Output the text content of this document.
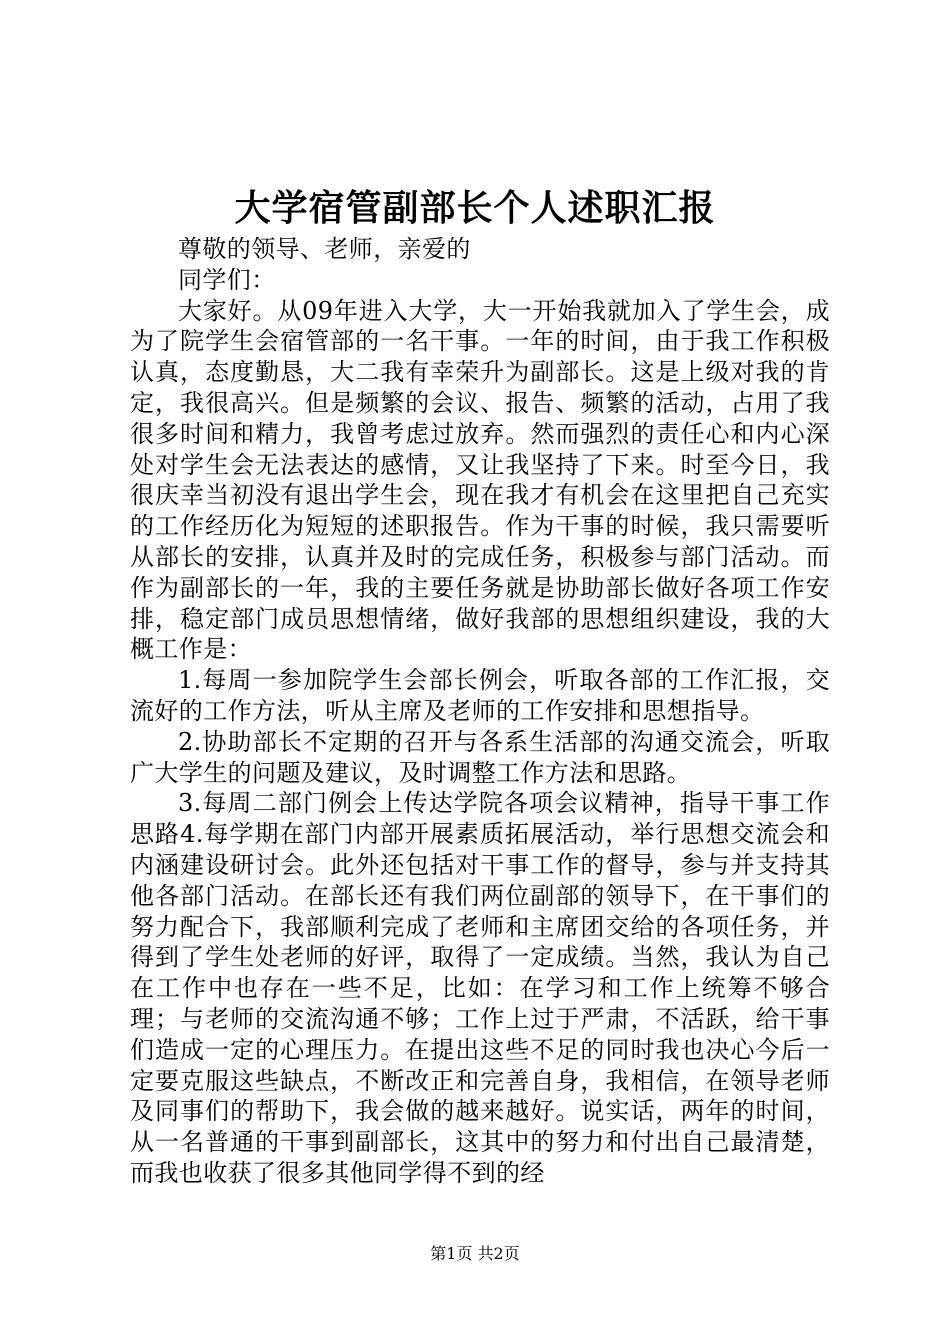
大学宿管副部长个人述职汇报

尊敬的领导、老师，亲爱的

同学们：

大家好。从09年进入大学，大一开始我就加入了学生会，成为了院学生会宿管部的一名干事。一年的时间，由于我工作积极认真，态度勤恳，大二我有幸荣升为副部长。这是上级对我的肯定，我很高兴。但是频繁的会议、报告、频繁的活动，占用了我很多时间和精力，我曾考虑过放弃。然而强烈的责任心和内心深处对学生会无法表达的感情，又让我坚持了下来。时至今日，我很庆幸当初没有退出学生会，现在我才有机会在这里把自己充实的工作经历化为短短的述职报告。作为干事的时候，我只需要听从部长的安排，认真并及时的完成任务，积极参与部门活动。而作为副部长的一年，我的主要任务就是协助部长做好各项工作安排，稳定部门成员思想情绪，做好我部的思想组织建设，我的大概工作是：

1.每周一参加院学生会部长例会，听取各部的工作汇报，交流好的工作方法，听从主席及老师的工作安排和思想指导。

2.协助部长不定期的召开与各系生活部的沟通交流会，听取广大学生的问题及建议，及时调整工作方法和思路。

3.每周二部门例会上传达学院各项会议精神，指导干事工作思路4.每学期在部门内部开展素质拓展活动，举行思想交流会和内涵建设研讨会。此外还包括对干事工作的督导，参与并支持其他各部门活动。在部长还有我们两位副部的领导下，在干事们的努力配合下，我部顺利完成了老师和主席团交给的各项任务，并得到了学生处老师的好评，取得了一定成绩。当然，我认为自己在工作中也存在一些不足，比如：在学习和工作上统筹不够合理；与老师的交流沟通不够；工作上过于严肃，不活跃，给干事们造成一定的心理压力。在提出这些不足的同时我也决心今后一定要克服这些缺点，不断改正和完善自身，我相信，在领导老师及同事们的帮助下，我会做的越来越好。说实话，两年的时间，从一名普通的干事到副部长，这其中的努力和付出自己最清楚，而我也收获了很多其他同学得不到的经

第1页 共2页
